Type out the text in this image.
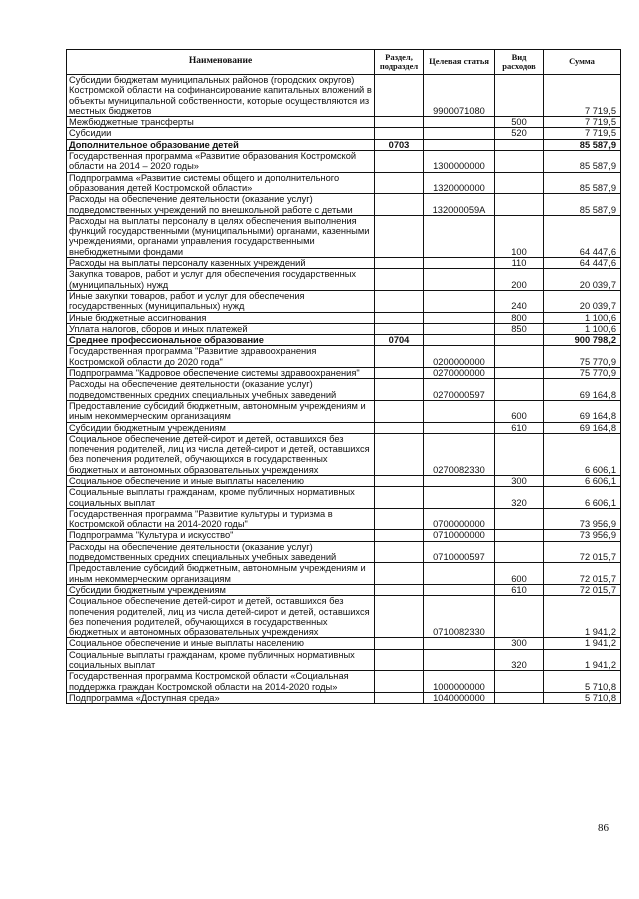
Наименование	Раздел, подраздел	Целевая статья	Вид расходов	Сумма
Субсидии бюджетам муниципальных районов (городских округов) Костромской области на софинансирование капитальных вложений в объекты муниципальной собственности, которые осуществляются из местных бюджетов		9900071080		7 719,5
Межбюджетные трансферты			500	7 719,5
Субсидии			520	7 719,5
Дополнительное образование детей	0703			85 587,9
Государственная программа «Развитие образования Костромской области на 2014 – 2020 годы»		1300000000		85 587,9
Подпрограмма «Развитие системы общего и дополнительного образования детей Костромской области»		1320000000		85 587,9
Расходы на обеспечение деятельности (оказание услуг) подведомственных учреждений по внешкольной работе с детьми		132000059А		85 587,9
Расходы на выплаты персоналу в целях обеспечения выполнения функций государственными (муниципальными) органами, казенными учреждениями, органами управления государственными внебюджетными фондами			100	64 447,6
Расходы на выплаты персоналу казенных учреждений			110	64 447,6
Закупка товаров, работ и услуг для обеспечения государственных (муниципальных) нужд			200	20 039,7
Иные закупки товаров, работ и услуг для обеспечения государственных (муниципальных) нужд			240	20 039,7
Иные бюджетные ассигнования			800	1 100,6
Уплата налогов, сборов и иных платежей			850	1 100,6
Среднее профессиональное образование	0704			900 798,2
Государственная программа "Развитие здравоохранения Костромской области до 2020 года"		0200000000		75 770,9
Подпрограмма "Кадровое обеспечение системы здравоохранения"		0270000000		75 770,9
Расходы на обеспечение деятельности (оказание услуг) подведомственных средних специальных учебных заведений		0270000597		69 164,8
Предоставление субсидий бюджетным, автономным учреждениям и иным некоммерческим организациям			600	69 164,8
Субсидии бюджетным учреждениям			610	69 164,8
Социальное обеспечение детей-сирот и детей, оставшихся без попечения родителей, лиц из числа детей-сирот и детей, оставшихся без попечения родителей, обучающихся в государственных бюджетных и автономных образовательных учреждениях		0270082330		6 606,1
Социальное обеспечение и иные выплаты населению			300	6 606,1
Социальные выплаты гражданам, кроме публичных нормативных социальных выплат			320	6 606,1
Государственная программа "Развитие культуры и туризма в Костромской области на 2014-2020 годы"		0700000000		73 956,9
Подпрограмма "Культура и искусство"		0710000000		73 956,9
Расходы на обеспечение деятельности (оказание услуг) подведомственных средних специальных учебных заведений		0710000597		72 015,7
Предоставление субсидий бюджетным, автономным учреждениям и иным некоммерческим организациям			600	72 015,7
Субсидии бюджетным учреждениям			610	72 015,7
Социальное обеспечение детей-сирот и детей, оставшихся без попечения родителей, лиц из числа детей-сирот и детей, оставшихся без попечения родителей, обучающихся в государственных бюджетных и автономных образовательных учреждениях		0710082330		1 941,2
Социальное обеспечение и иные выплаты населению			300	1 941,2
Социальные выплаты гражданам, кроме публичных нормативных социальных выплат			320	1 941,2
Государственная программа Костромской области «Социальная поддержка граждан Костромской области на 2014-2020 годы»		1000000000		5 710,8
Подпрограмма «Доступная среда»		1040000000		5 710,8
86
